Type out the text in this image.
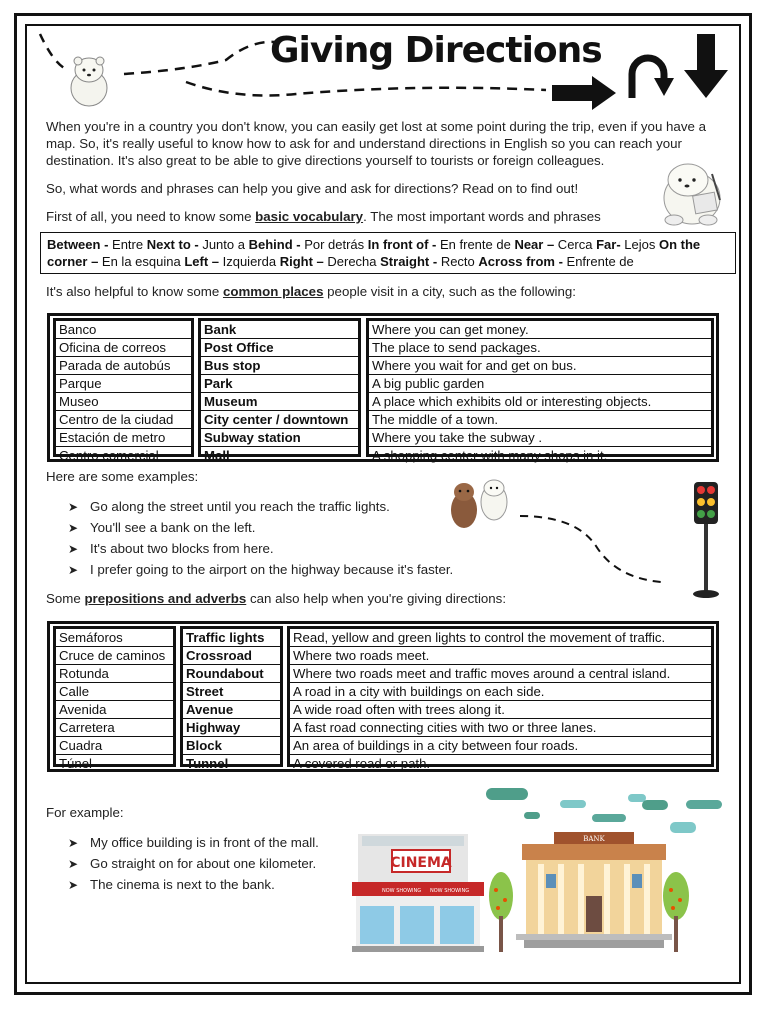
Giving Directions
When you're in a country you don't know, you can easily get lost at some point during the trip, even if you have a map. So, it's really useful to know how to ask for and understand directions in English so you can reach your destination. It's also great to be able to give directions yourself to tourists or foreign colleagues.
So, what words and phrases can help you give and ask for directions? Read on to find out!
First of all, you need to know some basic vocabulary. The most important words and phrases
Between - Entre Next to - Junto a Behind - Por detrás In front of - En frente de Near – Cerca Far- Lejos On the corner – En la esquina Left – Izquierda Right – Derecha Straight - Recto Across from - Enfrente de
It's also helpful to know some common places people visit in a city, such as the following:
Banco
Oficina de correos
Parada de autobús
Parque
Museo
Centro de la ciudad
Estación de metro
Centro comercial
Bank
Post Office
Bus stop
Park
Museum
City center / downtown
Subway station
Mall
Where you can get money.
The place to send packages.
Where you wait for and get on bus.
A big public garden
A place which exhibits old or interesting objects.
The middle of a town.
Where you take the subway .
A shopping center with many shops in it.
Here are some examples:
➤ Go along the street until you reach the traffic lights.
➤ You'll see a bank on the left.
➤ It's about two blocks from here.
➤ I prefer going to the airport on the highway because it's faster.
Some prepositions and adverbs can also help when you're giving directions:
Semáforos
Cruce de caminos
Rotunda
Calle
Avenida
Carretera
Cuadra
Túnel
Traffic lights
Crossroad
Roundabout
Street
Avenue
Highway
Block
Tunnel
Read, yellow and green lights to control the movement of traffic.
Where two roads meet.
Where two roads meet and traffic moves around a central island.
A road in a city with buildings on each side.
A wide road often with trees along it.
A fast road connecting cities with two or three lanes.
An area of buildings in a city between four roads.
A covered road or path.
For example:
➤ My office building is in front of the mall.
➤ Go straight on for about one kilometer.
➤ The cinema is next to the bank.
CINEMA
NOW SHOWING NOW SHOWING
BANK
